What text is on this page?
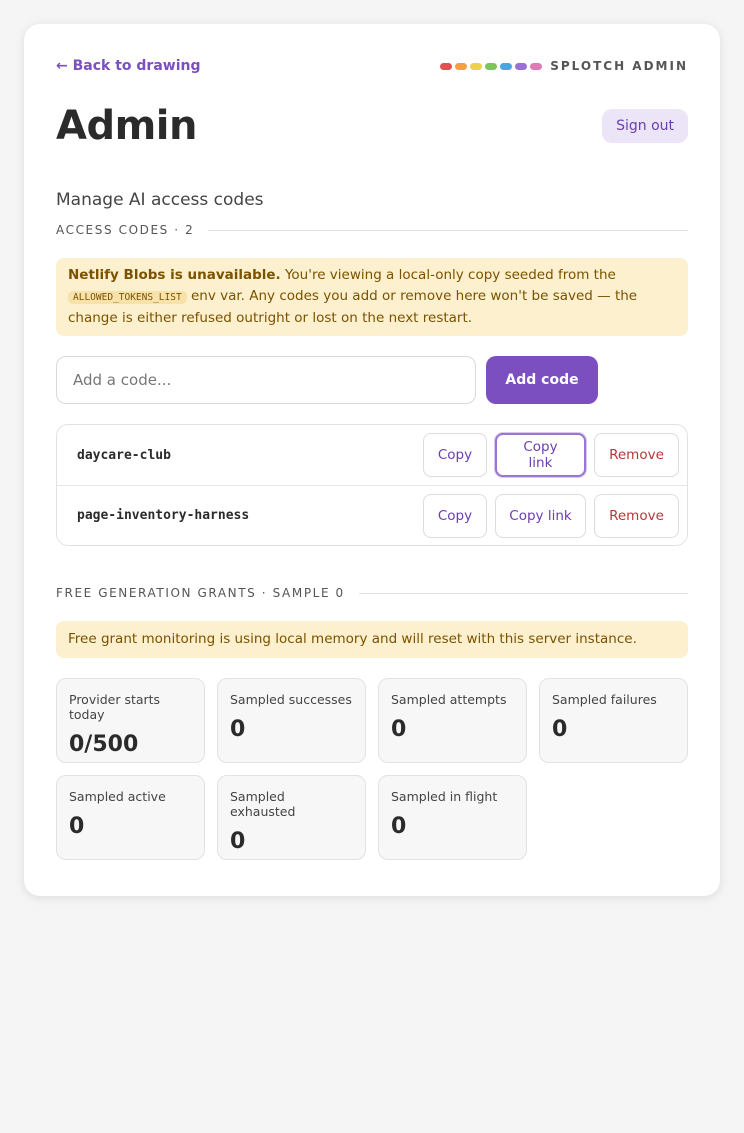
← Back to drawing	SPLOTCH ADMIN
Admin	Sign out
Manage AI access codes
ACCESS CODES · 2
Netlify Blobs is unavailable. You're viewing a local-only copy seeded from the ALLOWED_TOKENS_LIST env var. Any codes you add or remove here won't be saved — the change is either refused outright or lost on the next restart.
Add a code...
Add code
daycare-club	Copy	Copy link	Remove
page-inventory-harness	Copy	Copy link	Remove
FREE GENERATION GRANTS · SAMPLE 0
Free grant monitoring is using local memory and will reset with this server instance.
Provider starts today
0/500
Sampled successes
0
Sampled attempts
0
Sampled failures
0
Sampled active
0
Sampled exhausted
0
Sampled in flight
0
